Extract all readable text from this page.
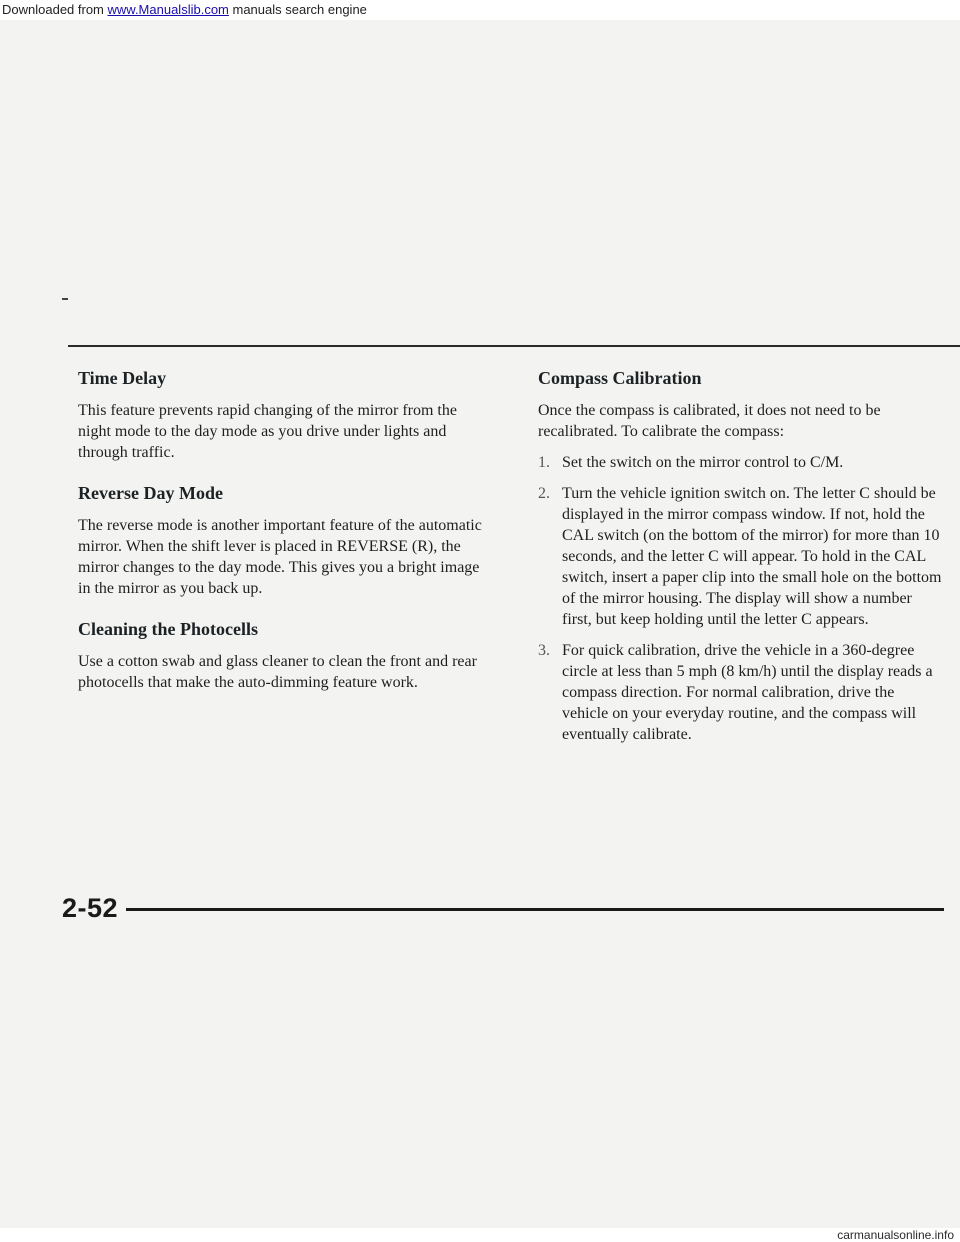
Downloaded from www.Manualslib.com manuals search engine
Time Delay

This feature prevents rapid changing of the mirror from the night mode to the day mode as you drive under lights and through traffic.

Reverse Day Mode

The reverse mode is another important feature of the automatic mirror. When the shift lever is placed in REVERSE (R), the mirror changes to the day mode. This gives you a bright image in the mirror as you back up.

Cleaning the Photocells

Use a cotton swab and glass cleaner to clean the front and rear photocells that make the auto-dimming feature work.

Compass Calibration

Once the compass is calibrated, it does not need to be recalibrated. To calibrate the compass:

1. Set the switch on the mirror control to C/M.
2. Turn the vehicle ignition switch on. The letter C should be displayed in the mirror compass window. If not, hold the CAL switch (on the bottom of the mirror) for more than 10 seconds, and the letter C will appear. To hold in the CAL switch, insert a paper clip into the small hole on the bottom of the mirror housing. The display will show a number first, but keep holding until the letter C appears.
3. For quick calibration, drive the vehicle in a 360-degree circle at less than 5 mph (8 km/h) until the display reads a compass direction. For normal calibration, drive the vehicle on your everyday routine, and the compass will eventually calibrate.
2-52
carmanualsonline.info
